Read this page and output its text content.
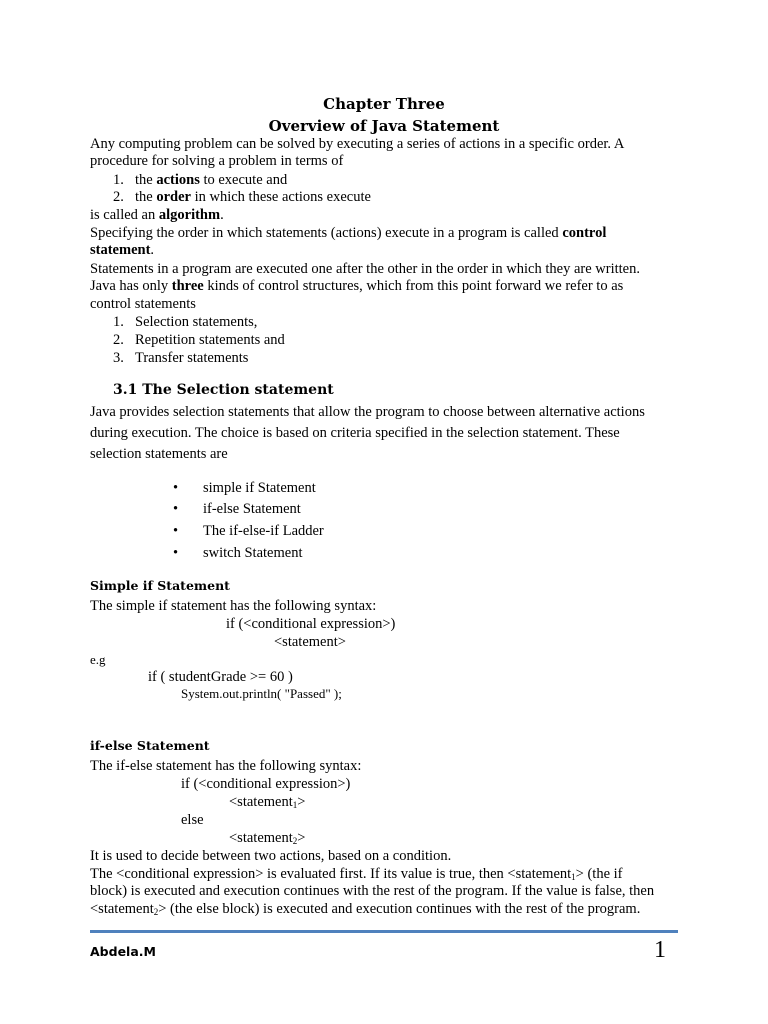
Chapter Three
Overview of Java Statement
Any computing problem can be solved by executing a series of actions in a specific order. A
procedure for solving a problem in terms of
1. the actions to execute and
2. the order in which these actions execute
is called an algorithm.
Specifying the order in which statements (actions) execute in a program is called control
statement.
Statements in a program are executed one after the other in the order in which they are written.
Java has only three kinds of control structures, which from this point forward we refer to as
control statements
1. Selection statements,
2. Repetition statements and
3. Transfer statements
3.1 The Selection statement
Java provides selection statements that allow the program to choose between alternative actions
during execution. The choice is based on criteria specified in the selection statement. These
selection statements are
• simple if Statement
• if-else Statement
• The if-else-if Ladder
• switch Statement
Simple if Statement
The simple if statement has the following syntax:
if (<conditional expression>)
<statement>
e.g
if ( studentGrade >= 60 )
System.out.println( "Passed" );
if-else Statement
The if-else statement has the following syntax:
if (<conditional expression>)
<statement$_1$>
else
<statement$_2$>
It is used to decide between two actions, based on a condition.
The <conditional expression> is evaluated first. If its value is true, then <statement$_1$> (the if
block) is executed and execution continues with the rest of the program. If the value is false, then
<statement$_2$> (the else block) is executed and execution continues with the rest of the program.
Abdela.M	1
